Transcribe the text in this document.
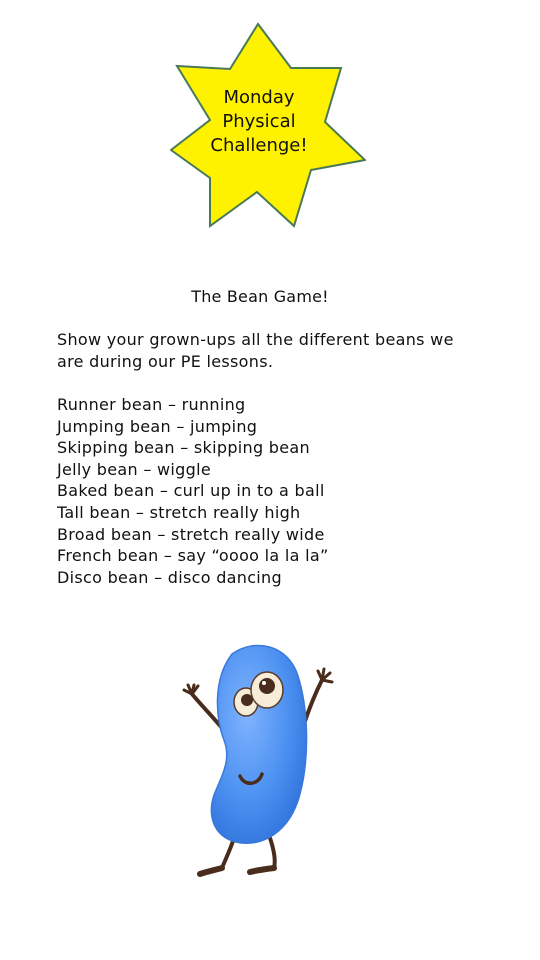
Monday
Physical
Challenge!
The Bean Game!
Show your grown-ups all the different beans we
are during our PE lessons.
Runner bean – running
Jumping bean – jumping
Skipping bean – skipping bean
Jelly bean – wiggle
Baked bean – curl up in to a ball
Tall bean – stretch really high
Broad bean – stretch really wide
French bean – say “oooo la la la”
Disco bean – disco dancing
